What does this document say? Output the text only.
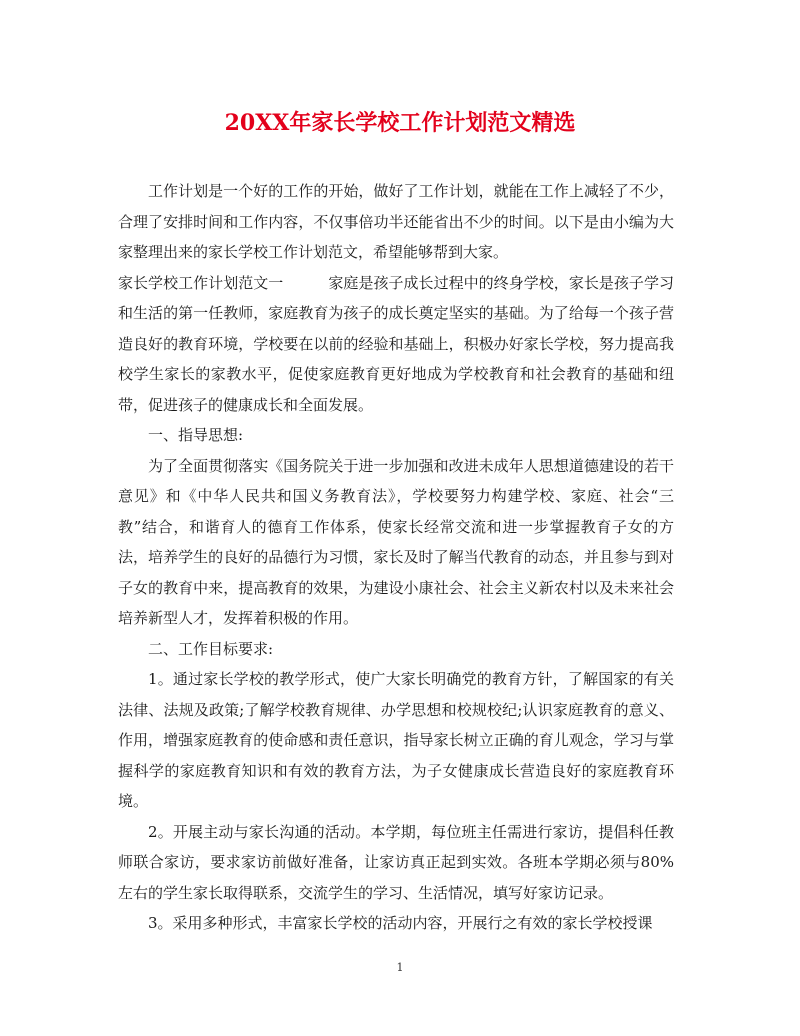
20XX年家长学校工作计划范文精选

工作计划是一个好的工作的开始，做好了工作计划，就能在工作上减轻了不少，合理了安排时间和工作内容，不仅事倍功半还能省出不少的时间。以下是由小编为大家整理出来的家长学校工作计划范文，希望能够帮到大家。

家长学校工作计划范文一　　　家庭是孩子成长过程中的终身学校，家长是孩子学习和生活的第一任教师，家庭教育为孩子的成长奠定坚实的基础。为了给每一个孩子营造良好的教育环境，学校要在以前的经验和基础上，积极办好家长学校，努力提高我校学生家长的家教水平，促使家庭教育更好地成为学校教育和社会教育的基础和纽带，促进孩子的健康成长和全面发展。

一、指导思想:

为了全面贯彻落实《国务院关于进一步加强和改进未成年人思想道德建设的若干意见》和《中华人民共和国义务教育法》，学校要努力构建学校、家庭、社会“三教”结合，和谐育人的德育工作体系，使家长经常交流和进一步掌握教育子女的方法，培养学生的良好的品德行为习惯，家长及时了解当代教育的动态，并且参与到对子女的教育中来，提高教育的效果，为建设小康社会、社会主义新农村以及未来社会培养新型人才，发挥着积极的作用。

二、工作目标要求:

1。通过家长学校的教学形式，使广大家长明确党的教育方针，了解国家的有关法律、法规及政策;了解学校教育规律、办学思想和校规校纪;认识家庭教育的意义、作用，增强家庭教育的使命感和责任意识，指导家长树立正确的育儿观念，学习与掌握科学的家庭教育知识和有效的教育方法，为子女健康成长营造良好的家庭教育环境。

2。开展主动与家长沟通的活动。本学期，每位班主任需进行家访，提倡科任教师联合家访，要求家访前做好准备，让家访真正起到实效。各班本学期必须与80%左右的学生家长取得联系，交流学生的学习、生活情况，填写好家访记录。

3。采用多种形式，丰富家长学校的活动内容，开展行之有效的家长学校授课

1
